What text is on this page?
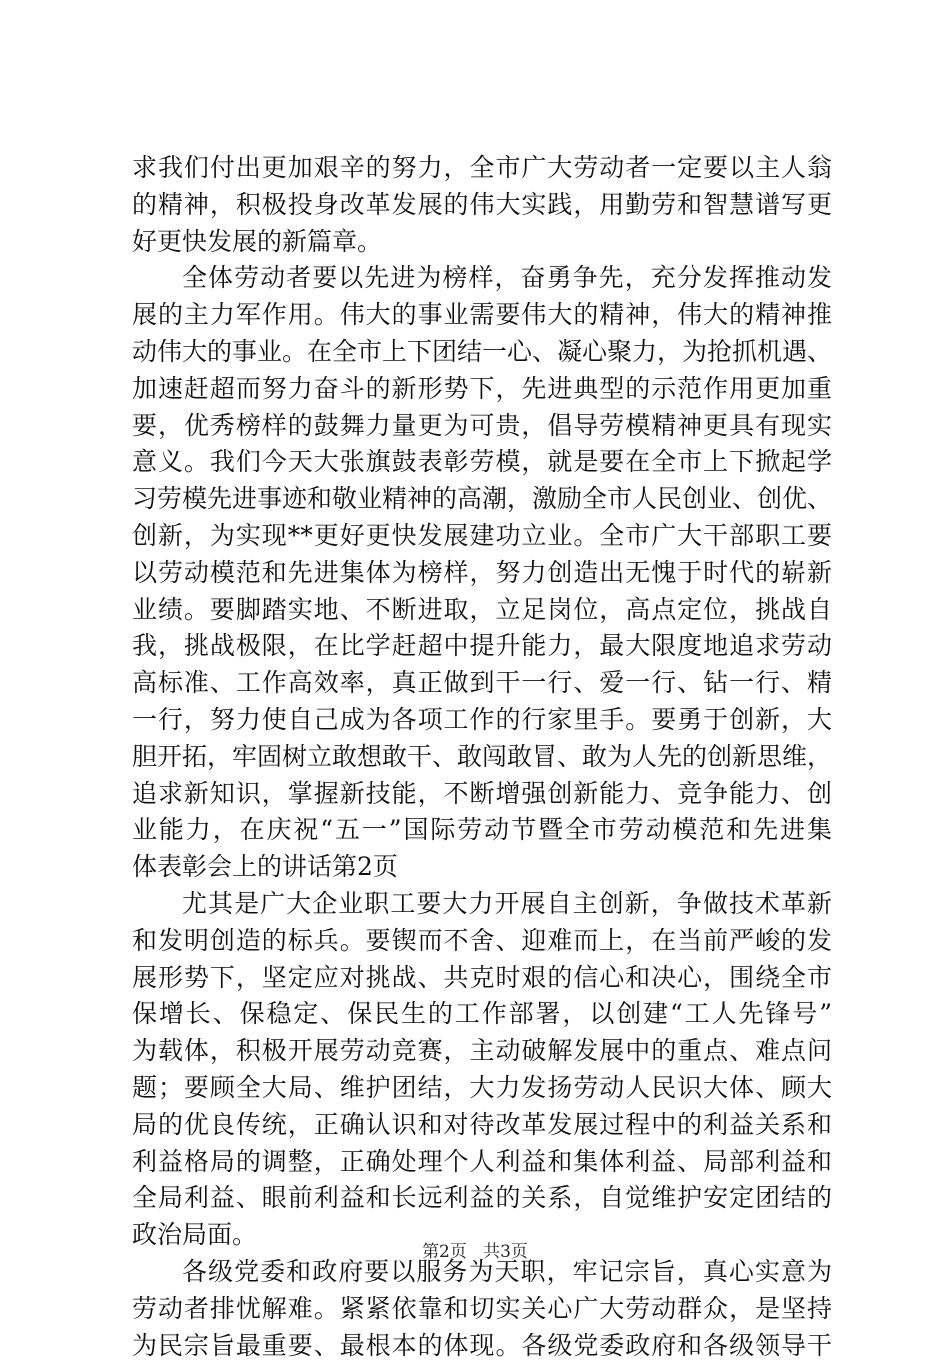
求我们付出更加艰辛的努力，全市广大劳动者一定要以主人翁
的精神，积极投身改革发展的伟大实践，用勤劳和智慧谱写更
好更快发展的新篇章。
全体劳动者要以先进为榜样，奋勇争先，充分发挥推动发
展的主力军作用。伟大的事业需要伟大的精神，伟大的精神推
动伟大的事业。在全市上下团结一心、凝心聚力，为抢抓机遇、
加速赶超而努力奋斗的新形势下，先进典型的示范作用更加重
要，优秀榜样的鼓舞力量更为可贵，倡导劳模精神更具有现实
意义。我们今天大张旗鼓表彰劳模，就是要在全市上下掀起学
习劳模先进事迹和敬业精神的高潮，激励全市人民创业、创优、
创新，为实现**更好更快发展建功立业。全市广大干部职工要
以劳动模范和先进集体为榜样，努力创造出无愧于时代的崭新
业绩。要脚踏实地、不断进取，立足岗位，高点定位，挑战自
我，挑战极限，在比学赶超中提升能力，最大限度地追求劳动
高标准、工作高效率，真正做到干一行、爱一行、钻一行、精
一行，努力使自己成为各项工作的行家里手。要勇于创新，大
胆开拓，牢固树立敢想敢干、敢闯敢冒、敢为人先的创新思维，
追求新知识，掌握新技能，不断增强创新能力、竞争能力、创
业能力，在庆祝“五一”国际劳动节暨全市劳动模范和先进集
体表彰会上的讲话第2页
尤其是广大企业职工要大力开展自主创新，争做技术革新
和发明创造的标兵。要锲而不舍、迎难而上，在当前严峻的发
展形势下，坚定应对挑战、共克时艰的信心和决心，围绕全市
保增长、保稳定、保民生的工作部署，以创建“工人先锋号”
为载体，积极开展劳动竞赛，主动破解发展中的重点、难点问
题；要顾全大局、维护团结，大力发扬劳动人民识大体、顾大
局的优良传统，正确认识和对待改革发展过程中的利益关系和
利益格局的调整，正确处理个人利益和集体利益、局部利益和
全局利益、眼前利益和长远利益的关系，自觉维护安定团结的
政治局面。
各级党委和政府要以服务为天职，牢记宗旨，真心实意为
劳动者排忧解难。紧紧依靠和切实关心广大劳动群众，是坚持
为民宗旨最重要、最根本的体现。各级党委政府和各级领导干
第2页 共3页
